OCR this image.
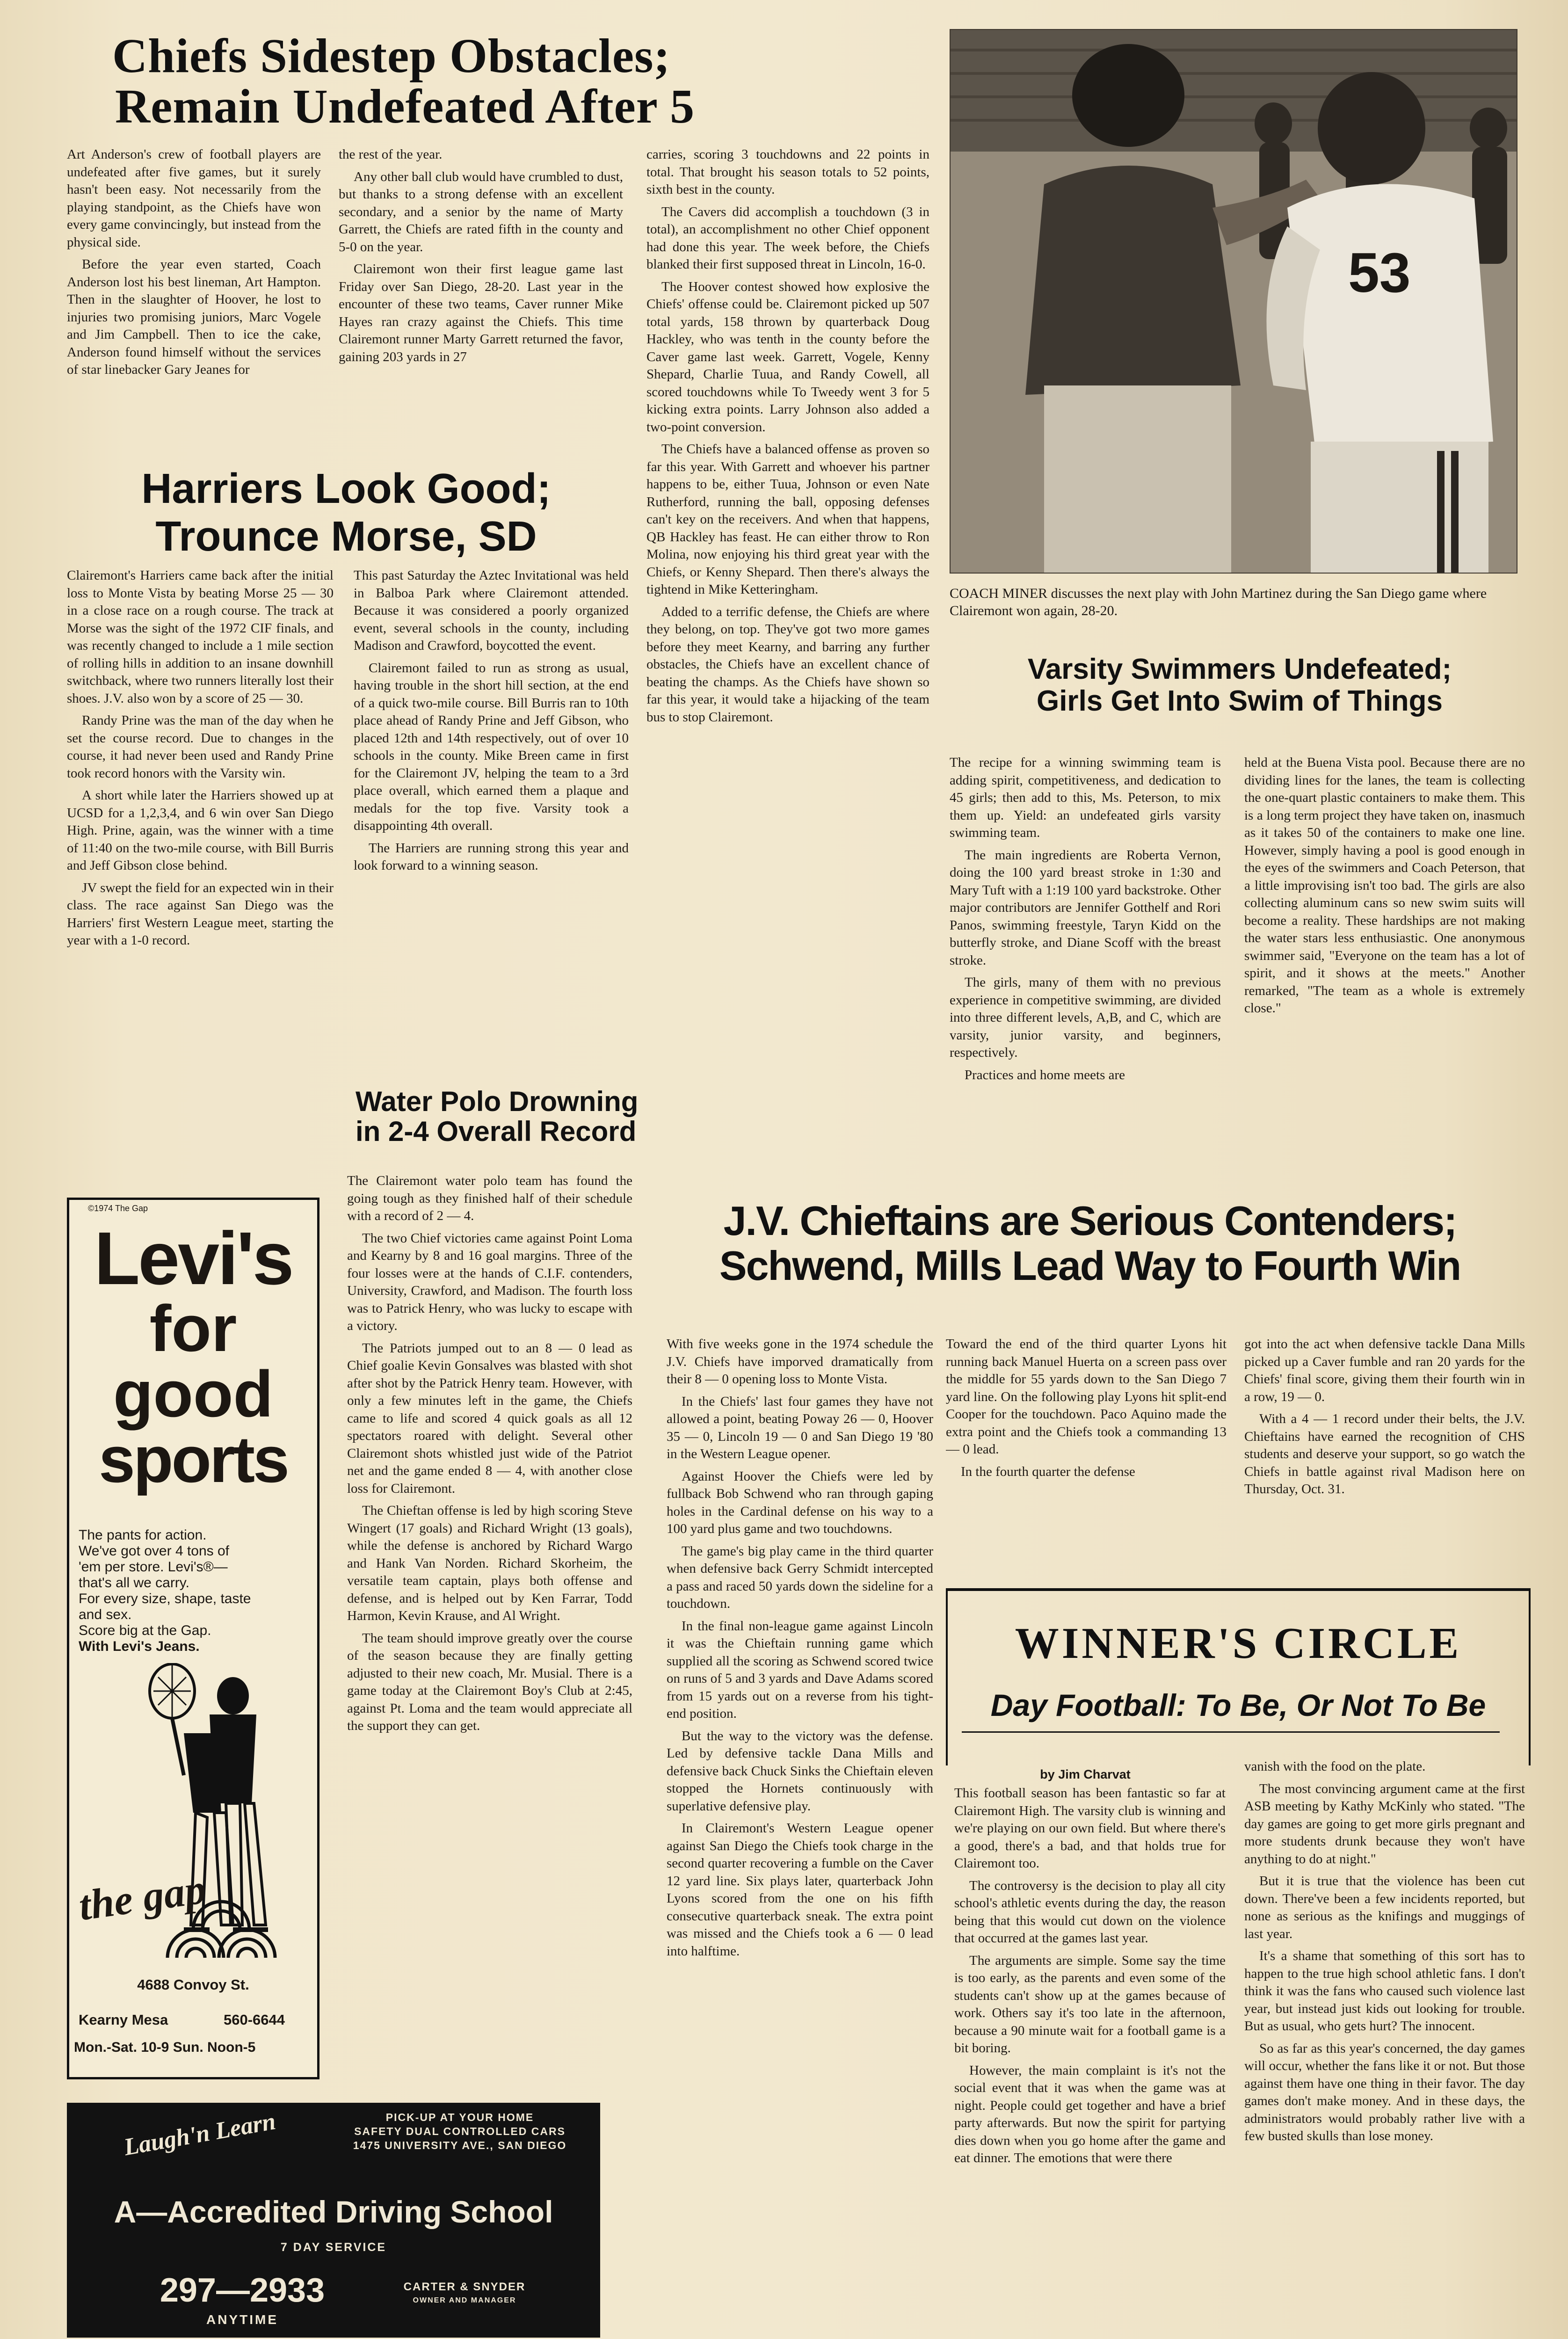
Chiefs Sidestep Obstacles;
Remain Undefeated After 5

Art Anderson's crew of football players are undefeated after five games, but it surely hasn't been easy. Not necessarily from the playing standpoint, as the Chiefs have won every game convincingly, but instead from the physical side.

Before the year even started, Coach Anderson lost his best lineman, Art Hampton. Then in the slaughter of Hoover, he lost to injuries two promising juniors, Marc Vogele and Jim Campbell. Then to ice the cake, Anderson found himself without the services of star linebacker Gary Jeanes for

the rest of the year.

Any other ball club would have crumbled to dust, but thanks to a strong defense with an excellent secondary, and a senior by the name of Marty Garrett, the Chiefs are rated fifth in the county and 5-0 on the year.

Clairemont won their first league game last Friday over San Diego, 28-20. Last year in the encounter of these two teams, Caver runner Mike Hayes ran crazy against the Chiefs. This time Clairemont runner Marty Garrett returned the favor, gaining 203 yards in 27

carries, scoring 3 touchdowns and 22 points in total. That brought his season totals to 52 points, sixth best in the county.

The Cavers did accomplish a touchdown (3 in total), an accomplishment no other Chief opponent had done this year. The week before, the Chiefs blanked their first supposed threat in Lincoln, 16-0.

The Hoover contest showed how explosive the Chiefs' offense could be. Clairemont picked up 507 total yards, 158 thrown by quarterback Doug Hackley, who was tenth in the county before the Caver game last week. Garrett, Vogele, Kenny Shepard, Charlie Tuua, and Randy Cowell, all scored touchdowns while To Tweedy went 3 for 5 kicking extra points. Larry Johnson also added a two-point conversion.

The Chiefs have a balanced offense as proven so far this year. With Garrett and whoever his partner happens to be, either Tuua, Johnson or even Nate Rutherford, running the ball, opposing defenses can't key on the receivers. And when that happens, QB Hackley has feast. He can either throw to Ron Molina, now enjoying his third great year with the Chiefs, or Kenny Shepard. Then there's always the tightend in Mike Ketteringham.

Added to a terrific defense, the Chiefs are where they belong, on top. They've got two more games before they meet Kearny, and barring any further obstacles, the Chiefs have an excellent chance of beating the champs. As the Chiefs have shown so far this year, it would take a hijacking of the team bus to stop Clairemont.

53
COACH MINER discusses the next play with John Martinez during the San Diego game where Clairemont won again, 28-20.
Harriers Look Good;
Trounce Morse, SD

Clairemont's Harriers came back after the initial loss to Monte Vista by beating Morse 25 — 30 in a close race on a rough course. The track at Morse was the sight of the 1972 CIF finals, and was recently changed to include a 1 mile section of rolling hills in addition to an insane downhill switchback, where two runners literally lost their shoes. J.V. also won by a score of 25 — 30.

Randy Prine was the man of the day when he set the course record. Due to changes in the course, it had never been used and Randy Prine took record honors with the Varsity win.

A short while later the Harriers showed up at UCSD for a 1,2,3,4, and 6 win over San Diego High. Prine, again, was the winner with a time of 11:40 on the two-mile course, with Bill Burris and Jeff Gibson close behind.

JV swept the field for an expected win in their class. The race against San Diego was the Harriers' first Western League meet, starting the year with a 1-0 record.

This past Saturday the Aztec Invitational was held in Balboa Park where Clairemont attended. Because it was considered a poorly organized event, several schools in the county, including Madison and Crawford, boycotted the event.

Clairemont failed to run as strong as usual, having trouble in the short hill section, at the end of a quick two-mile course. Bill Burris ran to 10th place ahead of Randy Prine and Jeff Gibson, who placed 12th and 14th respectively, out of over 10 schools in the county. Mike Breen came in first for the Clairemont JV, helping the team to a 3rd place overall, which earned them a plaque and medals for the top five. Varsity took a disappointing 4th overall.

The Harriers are running strong this year and look forward to a winning season.

Varsity Swimmers Undefeated;
Girls Get Into Swim of Things

The recipe for a winning swimming team is adding spirit, competitiveness, and dedication to 45 girls; then add to this, Ms. Peterson, to mix them up. Yield: an undefeated girls varsity swimming team.

The main ingredients are Roberta Vernon, doing the 100 yard breast stroke in 1:30 and Mary Tuft with a 1:19 100 yard backstroke. Other major contributors are Jennifer Gotthelf and Rori Panos, swimming freestyle, Taryn Kidd on the butterfly stroke, and Diane Scoff with the breast stroke.

The girls, many of them with no previous experience in competitive swimming, are divided into three different levels, A,B, and C, which are varsity, junior varsity, and beginners, respectively.

Practices and home meets are

held at the Buena Vista pool. Because there are no dividing lines for the lanes, the team is collecting the one-quart plastic containers to make them. This is a long term project they have taken on, inasmuch as it takes 50 of the containers to make one line. However, simply having a pool is good enough in the eyes of the swimmers and Coach Peterson, that a little improvising isn't too bad. The girls are also collecting aluminum cans so new swim suits will become a reality. These hardships are not making the water stars less enthusiastic. One anonymous swimmer said, "Everyone on the team has a lot of spirit, and it shows at the meets." Another remarked, "The team as a whole is extremely close."

Water Polo Drowning
in 2-4 Overall Record

The Clairemont water polo team has found the going tough as they finished half of their schedule with a record of 2 — 4.

The two Chief victories came against Point Loma and Kearny by 8 and 16 goal margins. Three of the four losses were at the hands of C.I.F. contenders, University, Crawford, and Madison. The fourth loss was to Patrick Henry, who was lucky to escape with a victory.

The Patriots jumped out to an 8 — 0 lead as Chief goalie Kevin Gonsalves was blasted with shot after shot by the Patrick Henry team. However, with only a few minutes left in the game, the Chiefs came to life and scored 4 quick goals as all 12 spectators roared with delight. Several other Clairemont shots whistled just wide of the Patriot net and the game ended 8 — 4, with another close loss for Clairemont.

The Chieftan offense is led by high scoring Steve Wingert (17 goals) and Richard Wright (13 goals), while the defense is anchored by Richard Wargo and Hank Van Norden. Richard Skorheim, the versatile team captain, plays both offense and defense, and is helped out by Ken Farrar, Todd Harmon, Kevin Krause, and Al Wright.

The team should improve greatly over the course of the season because they are finally getting adjusted to their new coach, Mr. Musial. There is a game today at the Clairemont Boy's Club at 2:45, against Pt. Loma and the team would appreciate all the support they can get.

J.V. Chieftains are Serious Contenders;
Schwend, Mills Lead Way to Fourth Win

With five weeks gone in the 1974 schedule the J.V. Chiefs have imporved dramatically from their 8 — 0 opening loss to Monte Vista.

In the Chiefs' last four games they have not allowed a point, beating Poway 26 — 0, Hoover 35 — 0, Lincoln 19 — 0 and San Diego 19 '80 in the Western League opener.

Against Hoover the Chiefs were led by fullback Bob Schwend who ran through gaping holes in the Cardinal defense on his way to a 100 yard plus game and two touchdowns.

The game's big play came in the third quarter when defensive back Gerry Schmidt intercepted a pass and raced 50 yards down the sideline for a touchdown.

In the final non-league game against Lincoln it was the Chieftain running game which supplied all the scoring as Schwend scored twice on runs of 5 and 3 yards and Dave Adams scored from 15 yards out on a reverse from his tight-end position.

But the way to the victory was the defense. Led by defensive tackle Dana Mills and defensive back Chuck Sinks the Chieftain eleven stopped the Hornets continuously with superlative defensive play.

In Clairemont's Western League opener against San Diego the Chiefs took charge in the second quarter recovering a fumble on the Caver 12 yard line. Six plays later, quarterback John Lyons scored from the one on his fifth consecutive quarterback sneak. The extra point was missed and the Chiefs took a 6 — 0 lead into halftime.

Toward the end of the third quarter Lyons hit running back Manuel Huerta on a screen pass over the middle for 55 yards down to the San Diego 7 yard line. On the following play Lyons hit split-end Cooper for the touchdown. Paco Aquino made the extra point and the Chiefs took a commanding 13 — 0 lead.

In the fourth quarter the defense

got into the act when defensive tackle Dana Mills picked up a Caver fumble and ran 20 yards for the Chiefs' final score, giving them their fourth win in a row, 19 — 0.

With a 4 — 1 record under their belts, the J.V. Chieftains have earned the recognition of CHS students and deserve your support, so go watch the Chiefs in battle against rival Madison here on Thursday, Oct. 31.

WINNER'S CIRCLE
Day Football: To Be, Or Not To Be
by Jim Charvat

This football season has been fantastic so far at Clairemont High. The varsity club is winning and we're playing on our own field. But where there's a good, there's a bad, and that holds true for Clairemont too.

The controversy is the decision to play all city school's athletic events during the day, the reason being that this would cut down on the violence that occurred at the games last year.

The arguments are simple. Some say the time is too early, as the parents and even some of the students can't show up at the games because of work. Others say it's too late in the afternoon, because a 90 minute wait for a football game is a bit boring.

However, the main complaint is it's not the social event that it was when the game was at night. People could get together and have a brief party afterwards. But now the spirit for partying dies down when you go home after the game and eat dinner. The emotions that were there

vanish with the food on the plate.

The most convincing argument came at the first ASB meeting by Kathy McKinly who stated. "The day games are going to get more girls pregnant and more students drunk because they won't have anything to do at night."

But it is true that the violence has been cut down. There've been a few incidents reported, but none as serious as the knifings and muggings of last year.

It's a shame that something of this sort has to happen to the true high school athletic fans. I don't think it was the fans who caused such violence last year, but instead just kids out looking for trouble. But as usual, who gets hurt? The innocent.

So as far as this year's concerned, the day games will occur, whether the fans like it or not. But those against them have one thing in their favor. The day games don't make money. And in these days, the administrators would probably rather live with a few busted skulls than lose money.

©1974 The Gap
Levi's
for
good
sports
The pants for action.
We've got over 4 tons of
'em per store. Levi's®—
that's all we carry.
For every size, shape, taste
and sex.
Score big at the Gap.
With Levi's Jeans.
the gap
4688 Convoy St.
Kearny Mesa	560-6644
Mon.-Sat. 10-9 Sun. Noon-5
Laugh'n Learn	PICK-UP AT YOUR HOME
SAFETY DUAL CONTROLLED CARS
1475 UNIVERSITY AVE., SAN DIEGO
A—Accredited Driving School
7 DAY SERVICE
297—2933
ANYTIME
CARTER & SNYDER
OWNER AND MANAGER
